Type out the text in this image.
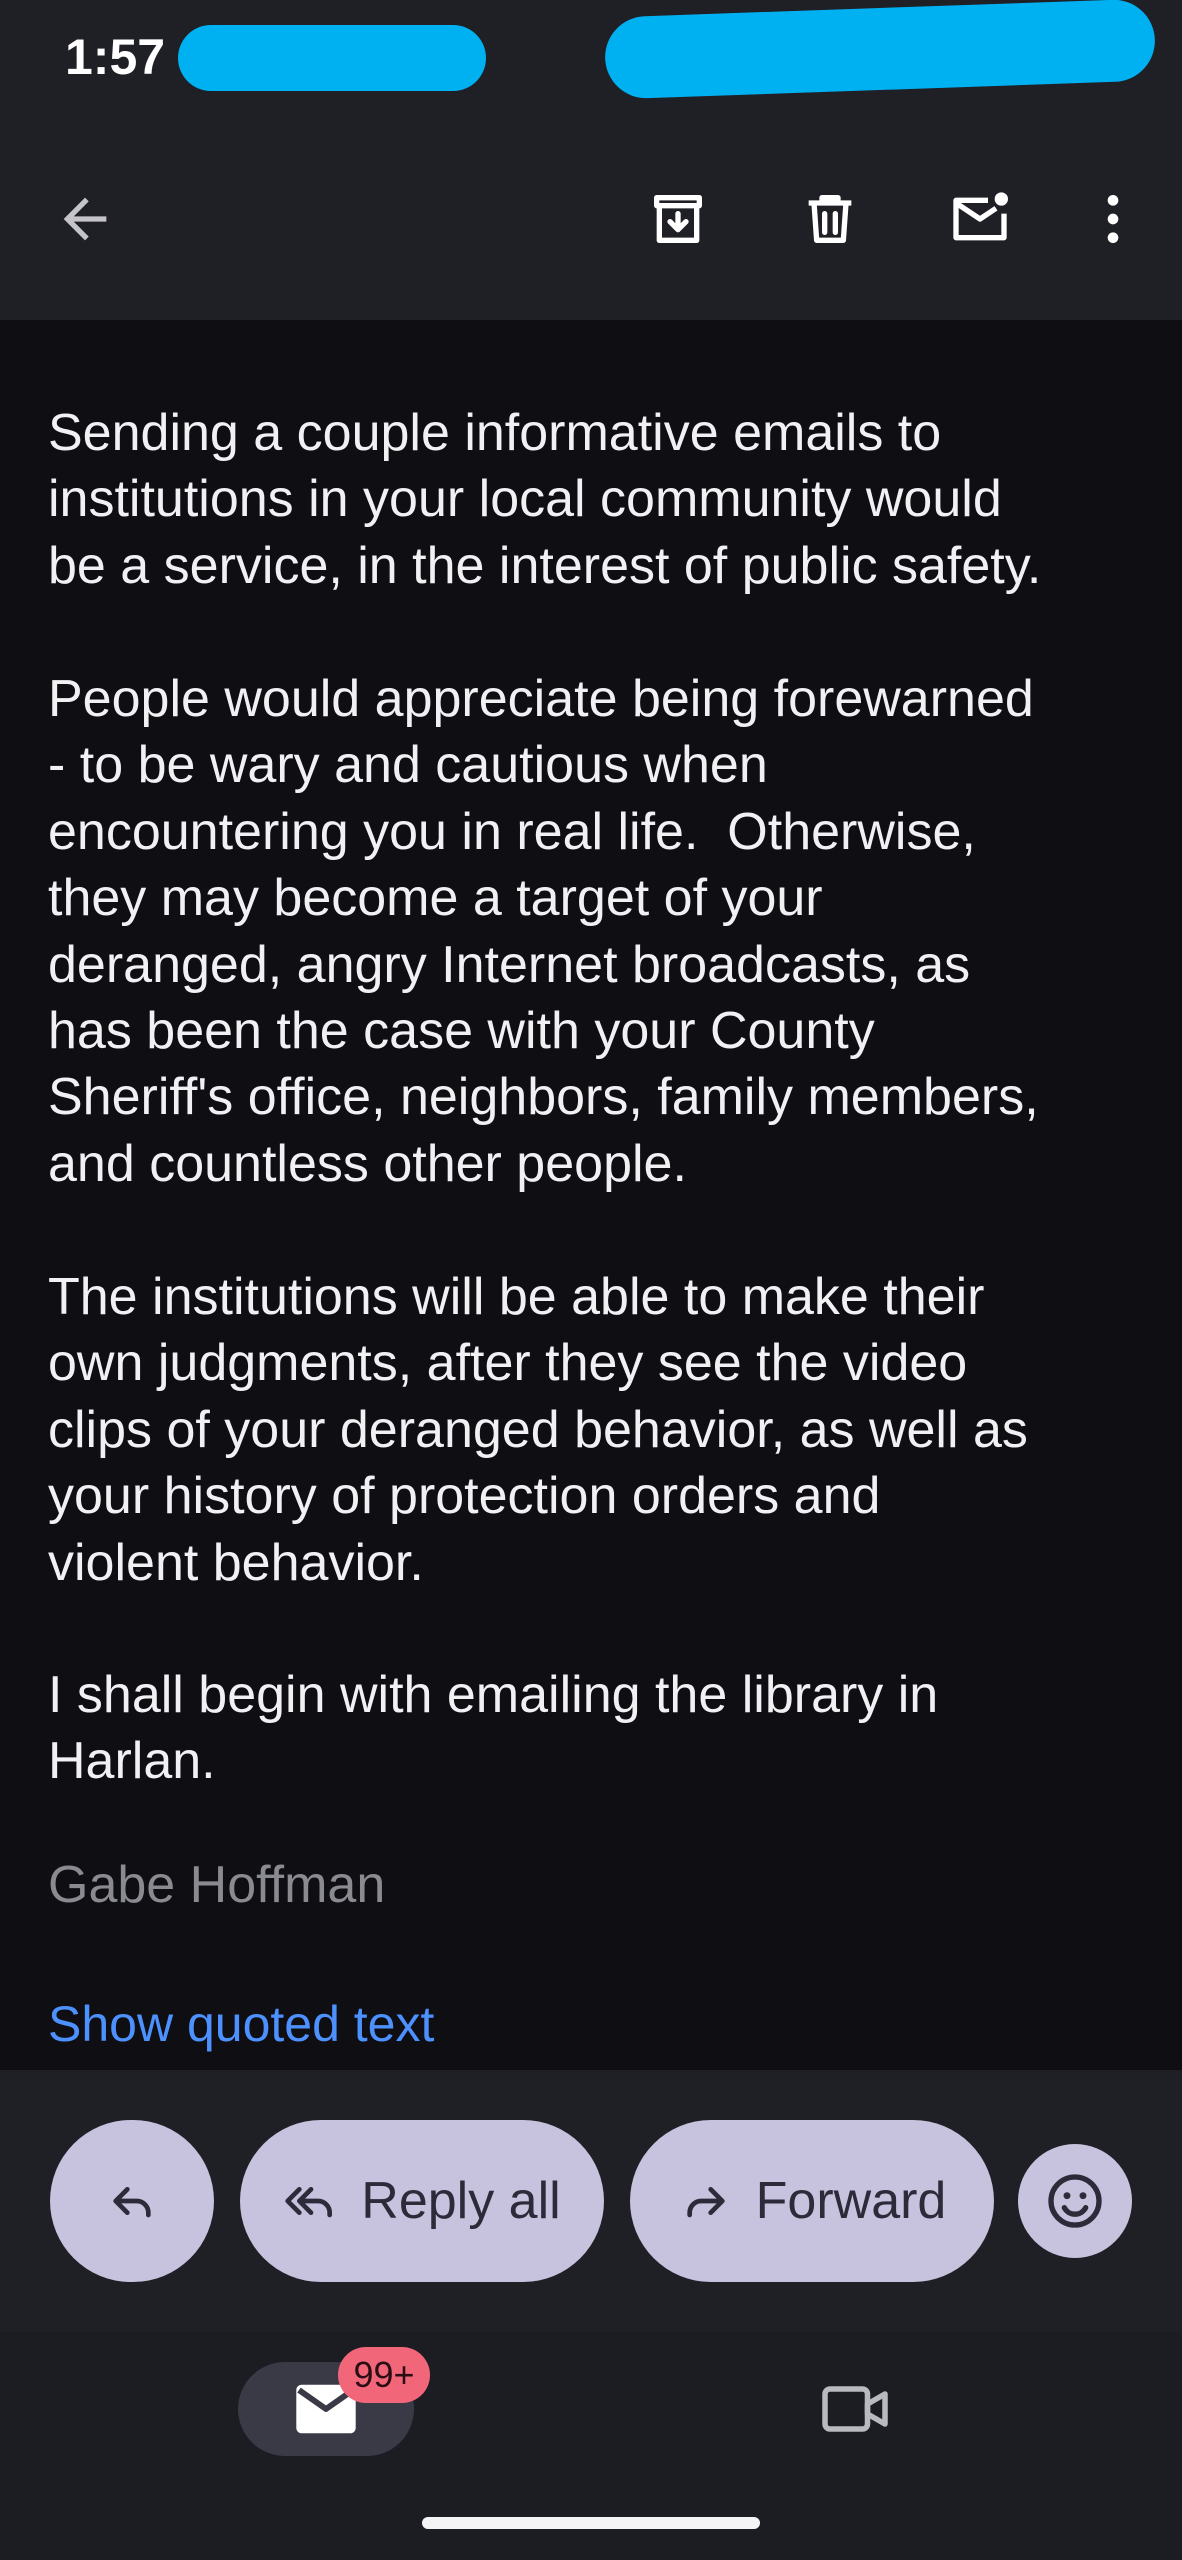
1:57

Sending a couple informative emails to
institutions in your local community would
be a service, in the interest of public safety.

People would appreciate being forewarned
- to be wary and cautious when
encountering you in real life.  Otherwise,
they may become a target of your
deranged, angry Internet broadcasts, as
has been the case with your County
Sheriff's office, neighbors, family members,
and countless other people.

The institutions will be able to make their
own judgments, after they see the video
clips of your deranged behavior, as well as
your history of protection orders and
violent behavior.

I shall begin with emailing the library in
Harlan.

Gabe Hoffman
Show quoted text
Reply all	Forward
99+
